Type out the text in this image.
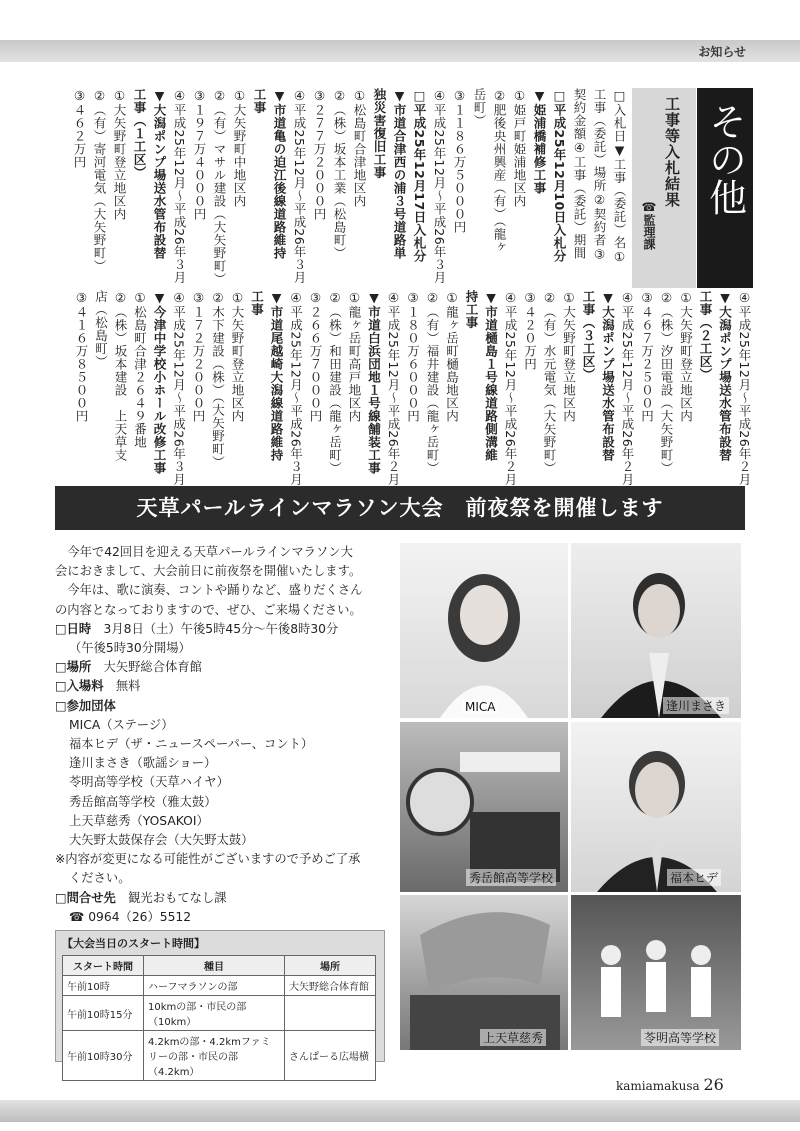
お知らせ
その他
工事等入札結果
☎監理課
□入札日▼工事（委託）名①
工事（委託）場所②契約者③
契約金額④工事（委託）期間
□平成25年12月10日入札分
▼姫浦橋補修工事
①姫戸町姫浦地区内
②肥後央州興産（有）（龍ヶ
岳町）
③１１８６万５０００円
④平成25年12月〜平成26年３月
□平成25年12月17日入札分
▼市道合津西の浦３号道路単
独災害復旧工事
①松島町合津地区内
②（株）坂本工業（松島町）
③２７７万２０００円
④平成25年12月〜平成26年３月
▼市道亀の迫江後線道路維持
工事
①大矢野町中地区内
②（有）マサル建設（大矢野町）
③１９７万４０００円
④平成25年12月〜平成26年３月
▼大潟ポンプ場送水管布設替
工事（１工区）
①大矢野町登立地区内
②（有）寄河電気（大矢野町）
③４６２万円
④平成25年12月〜平成26年２月
▼大潟ポンプ場送水管布設替
工事（２工区）
①大矢野町登立地区内
②（株）汐田電設（大矢野町）
③４６７万２５００円
④平成25年12月〜平成26年２月
▼大潟ポンプ場送水管布設替
工事（３工区）
①大矢野町登立地区内
②（有）水元電気（大矢野町）
③４２０万円
④平成25年12月〜平成26年２月
▼市道樋島１号線道路側溝維
持工事
①龍ヶ岳町樋島地区内
②（有）福井建設（龍ヶ岳町）
③１８０万６０００円
④平成25年12月〜平成26年２月
▼市道白浜団地１号線舗装工事
①龍ヶ岳町高戸地区内
②（株）和田建設（龍ヶ岳町）
③２６６万７０００円
④平成25年12月〜平成26年３月
▼市道尾越崎大潟線道路維持
工事
①大矢野町登立地区内
②木下建設（株）（大矢野町）
③１７２万２０００円
④平成25年12月〜平成26年３月
▼今津中学校小ホール改修工事
①松島町合津２６４９番地
②（株）坂本建設　上天草支
店（松島町）
③４１６万８５００円
天草パールラインマラソン大会　前夜祭を開催します

　今年で42回目を迎える天草パールラインマラソン大

会におきまして、大会前日に前夜祭を開催いたします。

　今年は、歌に演奏、コントや踊りなど、盛りだくさん

の内容となっておりますので、ぜひ、ご来場ください。

□日時　 3月8日（土）午後5時45分〜午後8時30分

（午後5時30分開場）

□場所　 大矢野総合体育館

□入場料　 無料

□参加団体

MICA（ステージ）

福本ヒデ（ザ・ニュースペーパー、コント）

逢川まさき（歌謡ショー）

苓明高等学校（天草ハイヤ）

秀岳館高等学校（雅太鼓）

上天草慈秀（YOSAKOI）

大矢野太鼓保存会（大矢野太鼓）

※内容が変更になる可能性がございますので予めご了承

ください。

□問合せ先　 観光おもてなし課

☎ 0964（26）5512

【大会当日のスタート時間】
スタート時間	種目	場所
午前10時	ハーフマラソンの部	大矢野総合体育館
午前10時15分	10kmの部・市民の部（10km）	
午前10時30分	4.2kmの部・4.2kmファミリーの部・市民の部（4.2km）	さんぱーる広場横
MICA	逢川まさき
秀岳館高等学校	福本ヒデ
上天草慈秀	苓明高等学校
kamiamakusa 26
